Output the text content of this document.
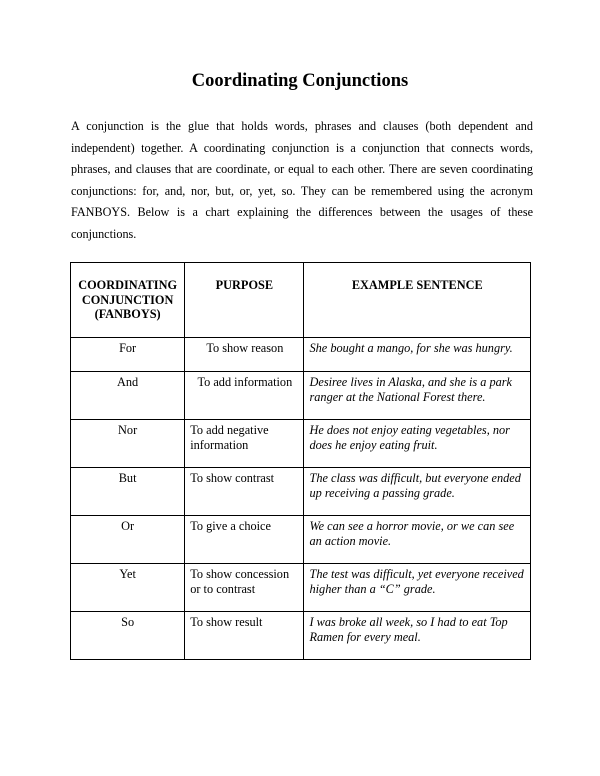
Coordinating Conjunctions

A conjunction is the glue that holds words, phrases and clauses (both dependent and independent) together. A coordinating conjunction is a conjunction that connects words, phrases, and clauses that are coordinate, or equal to each other. There are seven coordinating conjunctions: for, and, nor, but, or, yet, so. They can be remembered using the acronym FANBOYS. Below is a chart explaining the differences between the usages of these conjunctions.

COORDINATING CONJUNCTION (FANBOYS)	PURPOSE	EXAMPLE SENTENCE
For	To show reason	She bought a mango, for she was hungry.
And	To add information	Desiree lives in Alaska, and she is a park ranger at the National Forest there.
Nor	To add negative information	He does not enjoy eating vegetables, nor does he enjoy eating fruit.
But	To show contrast	The class was difficult, but everyone ended up receiving a passing grade.
Or	To give a choice	We can see a horror movie, or we can see an action movie.
Yet	To show concession or to contrast	The test was difficult, yet everyone received higher than a “C” grade.
So	To show result	I was broke all week, so I had to eat Top Ramen for every meal.
